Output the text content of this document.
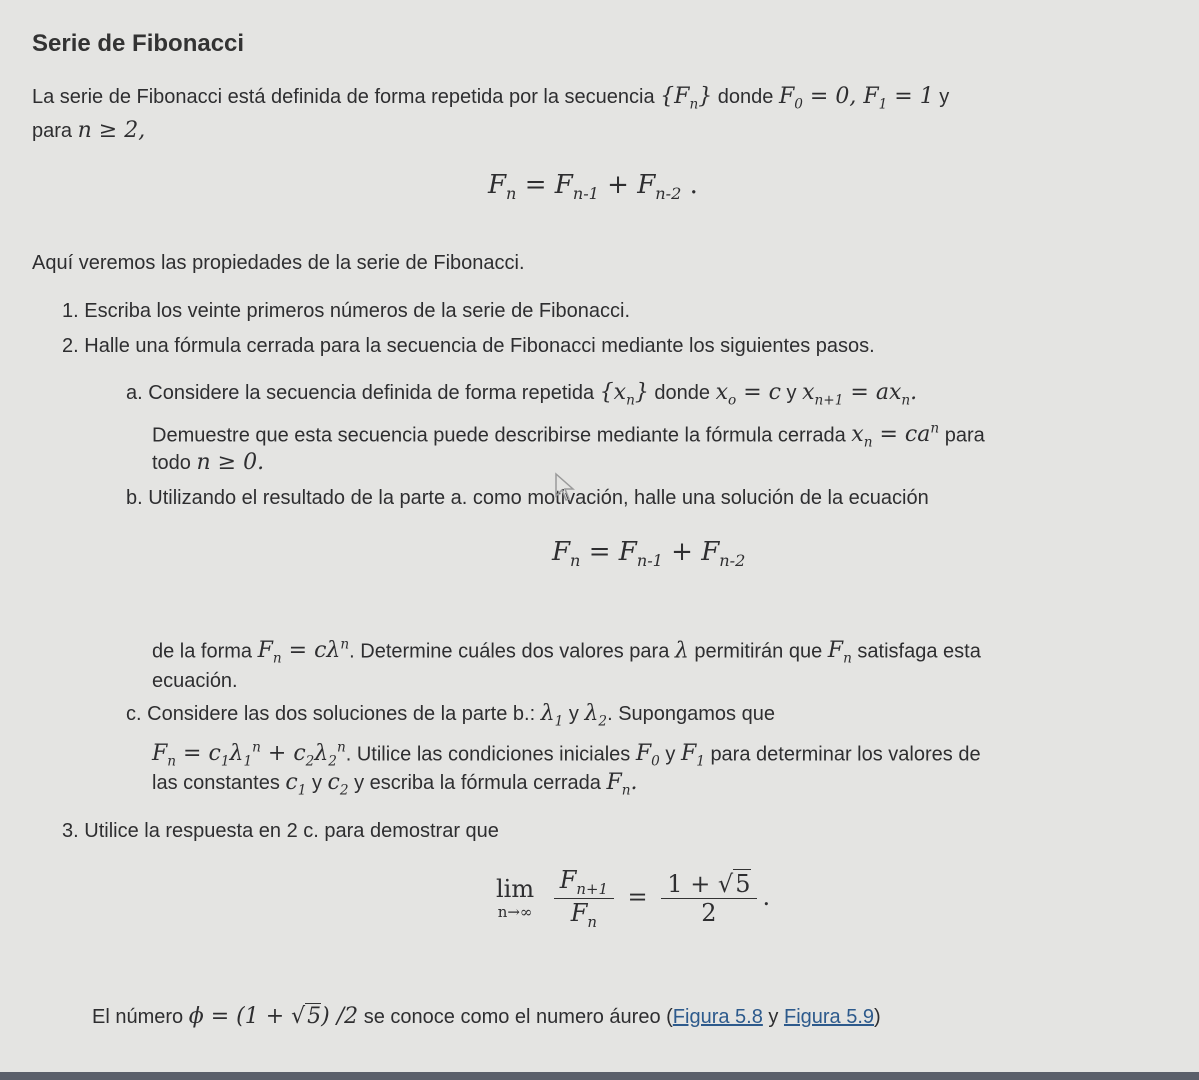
Serie de Fibonacci
La serie de Fibonacci está definida de forma repetida por la secuencia $\{F_n\}$ donde $F_0 = 0$, $F_1 = 1$ y
para n ≥ 2,
$F_n = F_{n-1} + F_{n-2}$ .
Aquí veremos las propiedades de la serie de Fibonacci.
1. Escriba los veinte primeros números de la serie de Fibonacci.
2. Halle una fórmula cerrada para la secuencia de Fibonacci mediante los siguientes pasos.
a. Considere la secuencia definida de forma repetida $\{x_n\}$ donde $x_o = c$ y $x_{n+1} = ax_n$.
Demuestre que esta secuencia puede describirse mediante la fórmula cerrada $x_n = ca^n$ para
todo n ≥ 0.
b. Utilizando el resultado de la parte a. como motivación, halle una solución de la ecuación
$F_n = F_{n-1} + F_{n-2}$
de la forma $F_n = c\lambda^n$. Determine cuáles dos valores para λ permitirán que $F_n$ satisfaga esta
ecuación.
c. Considere las dos soluciones de la parte b.: $\lambda_1$ y $\lambda_2$. Supongamos que
$F_n = c_1\lambda_1^n + c_2\lambda_2^n$. Utilice las condiciones iniciales $F_0$ y $F_1$ para determinar los valores de
las constantes $c_1$ y $c_2$ y escriba la fórmula cerrada $F_n$.
3. Utilice la respuesta en 2 c. para demostrar que
lim
n→∞
$\frac{F_{n+1}}{F_n} = \frac{1 + √5}{2}$ .
El número ϕ = (1 + √5) /2 se conoce como el numero áureo (Figura 5.8 y Figura 5.9)
